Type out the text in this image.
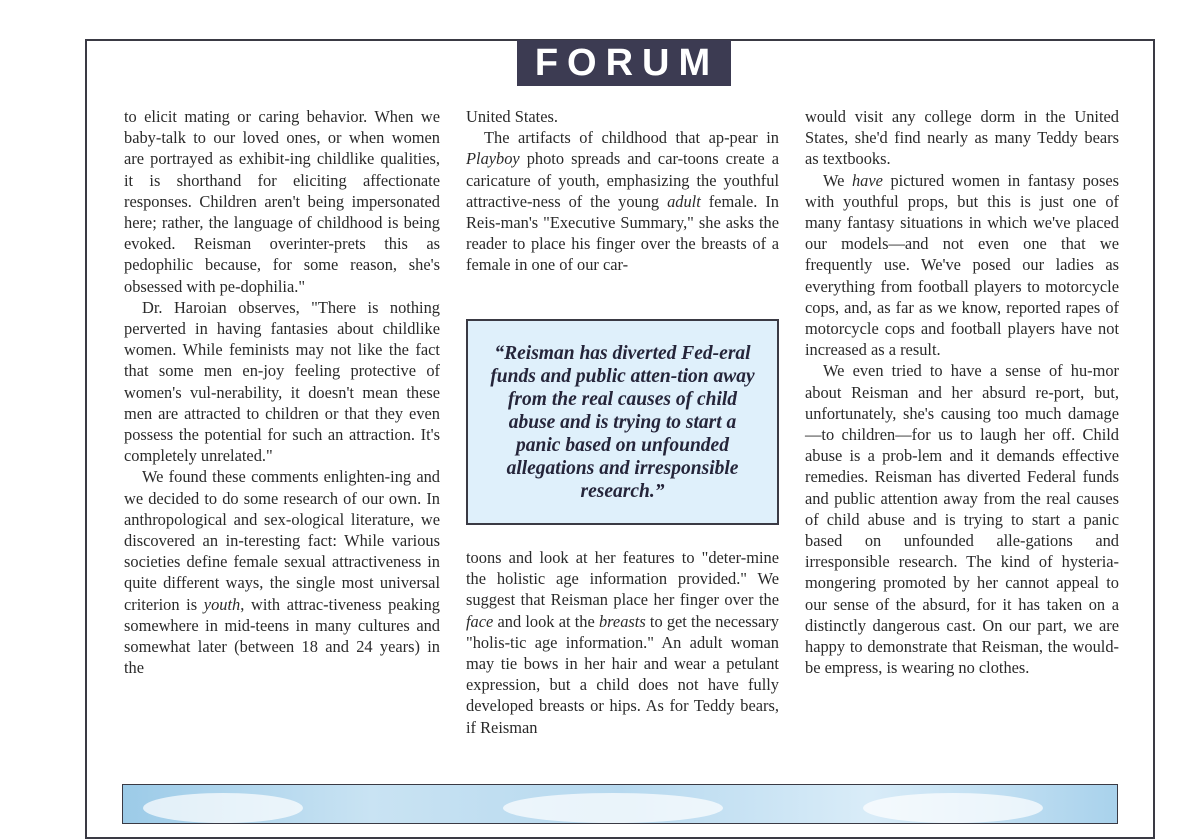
FORUM

to elicit mating or caring behavior. When we baby-talk to our loved ones, or when women are portrayed as exhibit-ing childlike qualities, it is shorthand for eliciting affectionate responses. Children aren't being impersonated here; rather, the language of childhood is being evoked. Reisman overinter-prets this as pedophilic because, for some reason, she's obsessed with pe-dophilia."

Dr. Haroian observes, "There is nothing perverted in having fantasies about childlike women. While feminists may not like the fact that some men en-joy feeling protective of women's vul-nerability, it doesn't mean these men are attracted to children or that they even possess the potential for such an attraction. It's completely unrelated."

We found these comments enlighten-ing and we decided to do some research of our own. In anthropological and sex-ological literature, we discovered an in-teresting fact: While various societies define female sexual attractiveness in quite different ways, the single most universal criterion is youth, with attrac-tiveness peaking somewhere in mid-teens in many cultures and somewhat later (between 18 and 24 years) in the

United States.

The artifacts of childhood that ap-pear in Playboy photo spreads and car-toons create a caricature of youth, emphasizing the youthful attractive-ness of the young adult female. In Reis-man's "Executive Summary," she asks the reader to place his finger over the breasts of a female in one of our car-

“Reisman has diverted Fed-eral funds and public atten-tion away from the real causes of child abuse and is trying to start a panic based on unfounded allegations and irresponsible research.”

toons and look at her features to "deter-mine the holistic age information provided." We suggest that Reisman place her finger over the face and look at the breasts to get the necessary "holis-tic age information." An adult woman may tie bows in her hair and wear a petulant expression, but a child does not have fully developed breasts or hips. As for Teddy bears, if Reisman

would visit any college dorm in the United States, she'd find nearly as many Teddy bears as textbooks.

We have pictured women in fantasy poses with youthful props, but this is just one of many fantasy situations in which we've placed our models—and not even one that we frequently use. We've posed our ladies as everything from football players to motorcycle cops, and, as far as we know, reported rapes of motorcycle cops and football players have not increased as a result.

We even tried to have a sense of hu-mor about Reisman and her absurd re-port, but, unfortunately, she's causing too much damage—to children—for us to laugh her off. Child abuse is a prob-lem and it demands effective remedies. Reisman has diverted Federal funds and public attention away from the real causes of child abuse and is trying to start a panic based on unfounded alle-gations and irresponsible research. The kind of hysteria-mongering promoted by her cannot appeal to our sense of the absurd, for it has taken on a distinctly dangerous cast. On our part, we are happy to demonstrate that Reisman, the would-be empress, is wearing no clothes.
